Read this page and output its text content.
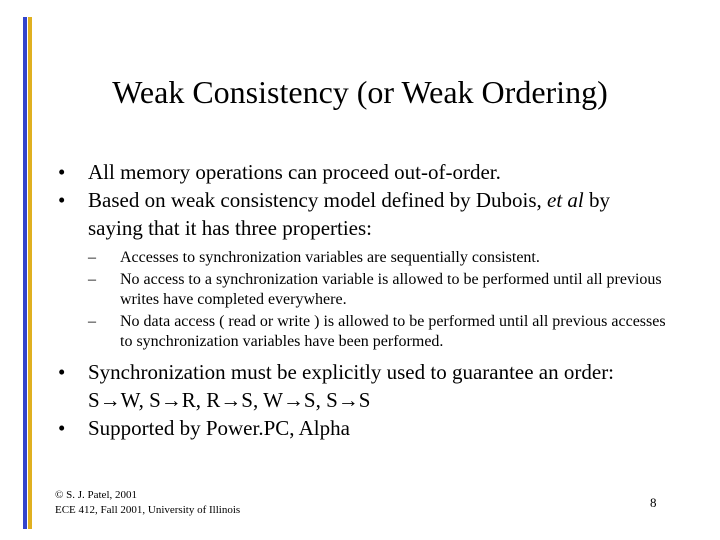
Weak Consistency (or Weak Ordering)
•	All memory operations can proceed out-of-order.
•	Based on weak consistency model defined by Dubois, et al by saying that it has three properties:
–	Accesses to synchronization variables are sequentially consistent.
–	No access to a synchronization variable is allowed to be performed until all previous writes have completed everywhere.
–	No data access ( read or write ) is allowed to be performed until all previous accesses to synchronization variables have been performed.
•	Synchronization must be explicitly used to guarantee an order: S→W, S→R, R→S, W→S, S→S
•	Supported by Power.PC, Alpha
© S. J. Patel, 2001
ECE 412, Fall 2001, University of Illinois	8
